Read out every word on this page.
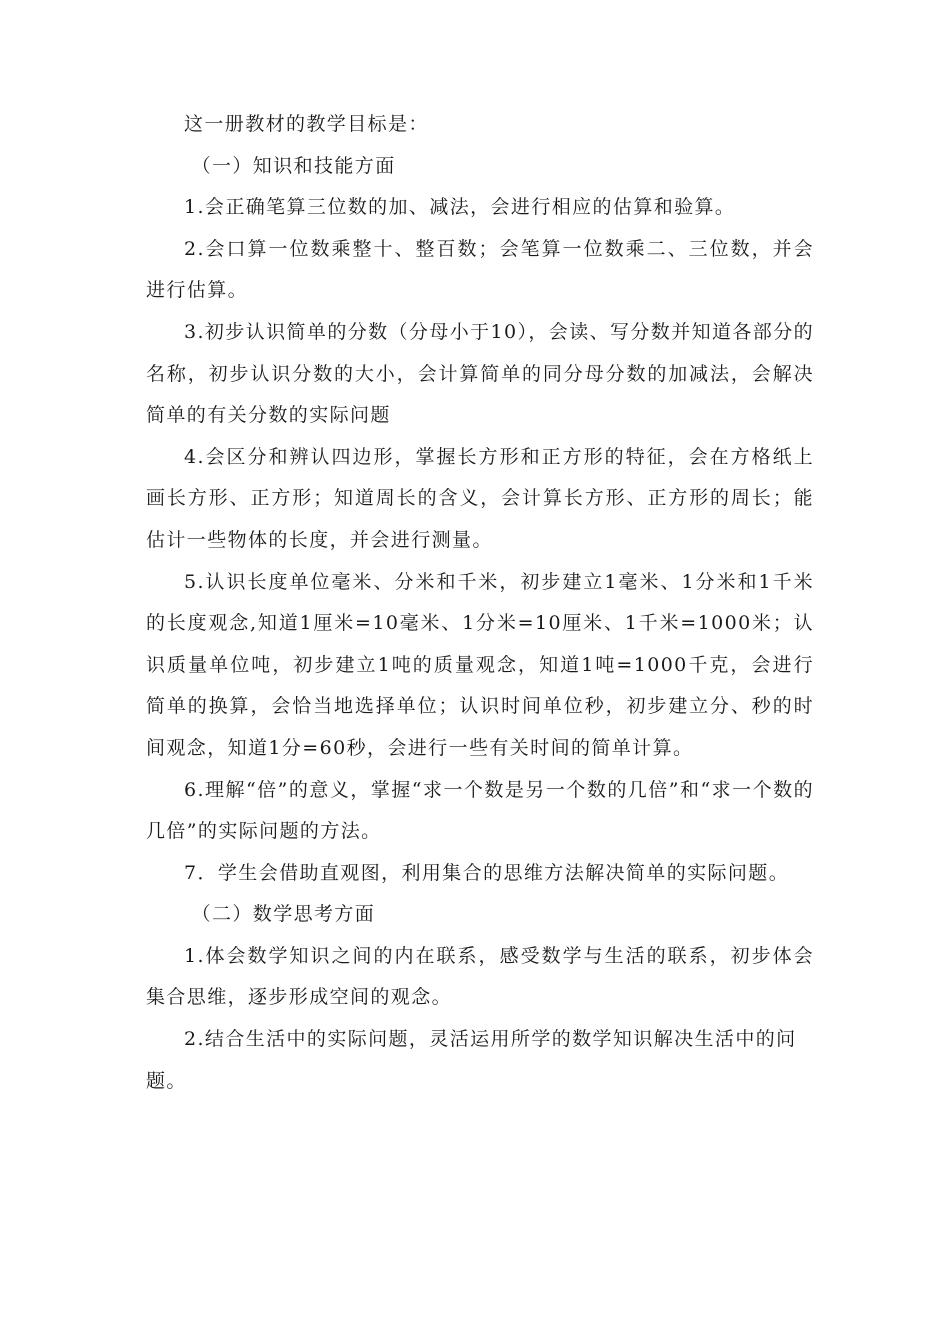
这一册教材的教学目标是：

（一）知识和技能方面

1.会正确笔算三位数的加、减法，会进行相应的估算和验算。

2.会口算一位数乘整十、整百数；会笔算一位数乘二、三位数，并会进行估算。

3.初步认识简单的分数（分母小于10），会读、写分数并知道各部分的名称，初步认识分数的大小，会计算简单的同分母分数的加减法，会解决简单的有关分数的实际问题

4.会区分和辨认四边形，掌握长方形和正方形的特征，会在方格纸上画长方形、正方形；知道周长的含义，会计算长方形、正方形的周长；能估计一些物体的长度，并会进行测量。

5.认识长度单位毫米、分米和千米，初步建立1毫米、1分米和1千米的长度观念,知道1厘米=10毫米、1分米=10厘米、1千米=1000米；认识质量单位吨，初步建立1吨的质量观念，知道1吨=1000千克，会进行简单的换算，会恰当地选择单位；认识时间单位秒，初步建立分、秒的时间观念，知道1分=60秒，会进行一些有关时间的简单计算。

6.理解“倍”的意义，掌握“求一个数是另一个数的几倍”和“求一个数的几倍”的实际问题的方法。

7．学生会借助直观图，利用集合的思维方法解决简单的实际问题。

（二）数学思考方面

1.体会数学知识之间的内在联系，感受数学与生活的联系，初步体会集合思维，逐步形成空间的观念。

2.结合生活中的实际问题，灵活运用所学的数学知识解决生活中的问题。
